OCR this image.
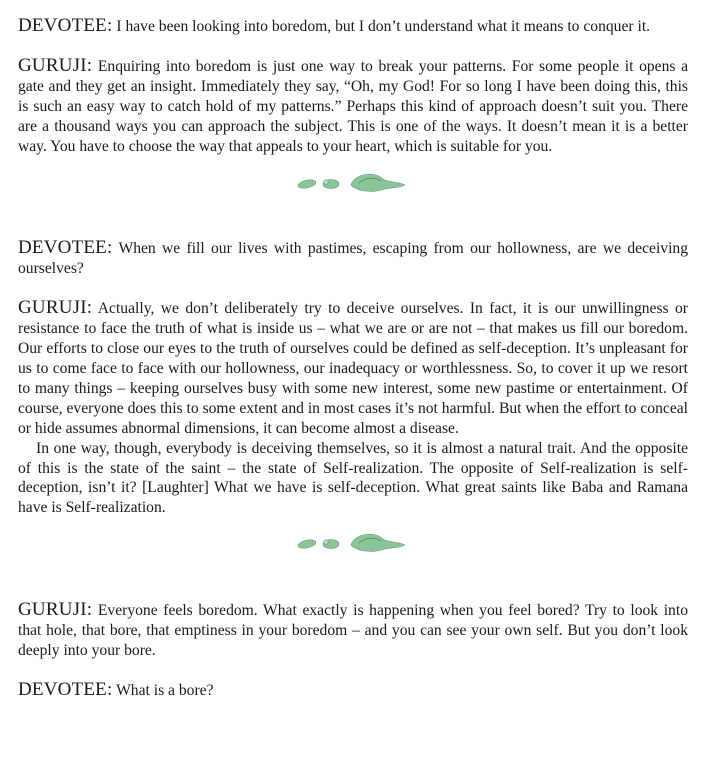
DEVOTEE: I have been looking into boredom, but I don’t understand what it means to conquer it.

GURUJI: Enquiring into boredom is just one way to break your patterns. For some people it opens a gate and they get an insight. Immediately they say, “Oh, my God! For so long I have been doing this, this is such an easy way to catch hold of my patterns.” Perhaps this kind of approach doesn’t suit you. There are a thousand ways you can approach the subject. This is one of the ways. It doesn’t mean it is a better way. You have to choose the way that appeals to your heart, which is suitable for you.

DEVOTEE: When we fill our lives with pastimes, escaping from our hollowness, are we deceiving ourselves?

GURUJI: Actually, we don’t deliberately try to deceive ourselves. In fact, it is our unwillingness or resistance to face the truth of what is inside us – what we are or are not – that makes us fill our boredom. Our efforts to close our eyes to the truth of ourselves could be defined as self-deception. It’s unpleasant for us to come face to face with our hollowness, our inadequacy or worthlessness. So, to cover it up we resort to many things – keeping ourselves busy with some new interest, some new pastime or entertainment. Of course, everyone does this to some extent and in most cases it’s not harmful. But when the effort to conceal or hide assumes abnormal dimensions, it can become almost a disease.

In one way, though, everybody is deceiving themselves, so it is almost a natural trait. And the opposite of this is the state of the saint – the state of Self-realization. The opposite of Self-realization is self-deception, isn’t it? [Laughter] What we have is self-deception. What great saints like Baba and Ramana have is Self-realization.

GURUJI: Everyone feels boredom. What exactly is happening when you feel bored? Try to look into that hole, that bore, that emptiness in your boredom – and you can see your own self. But you don’t look deeply into your bore.

DEVOTEE: What is a bore?
